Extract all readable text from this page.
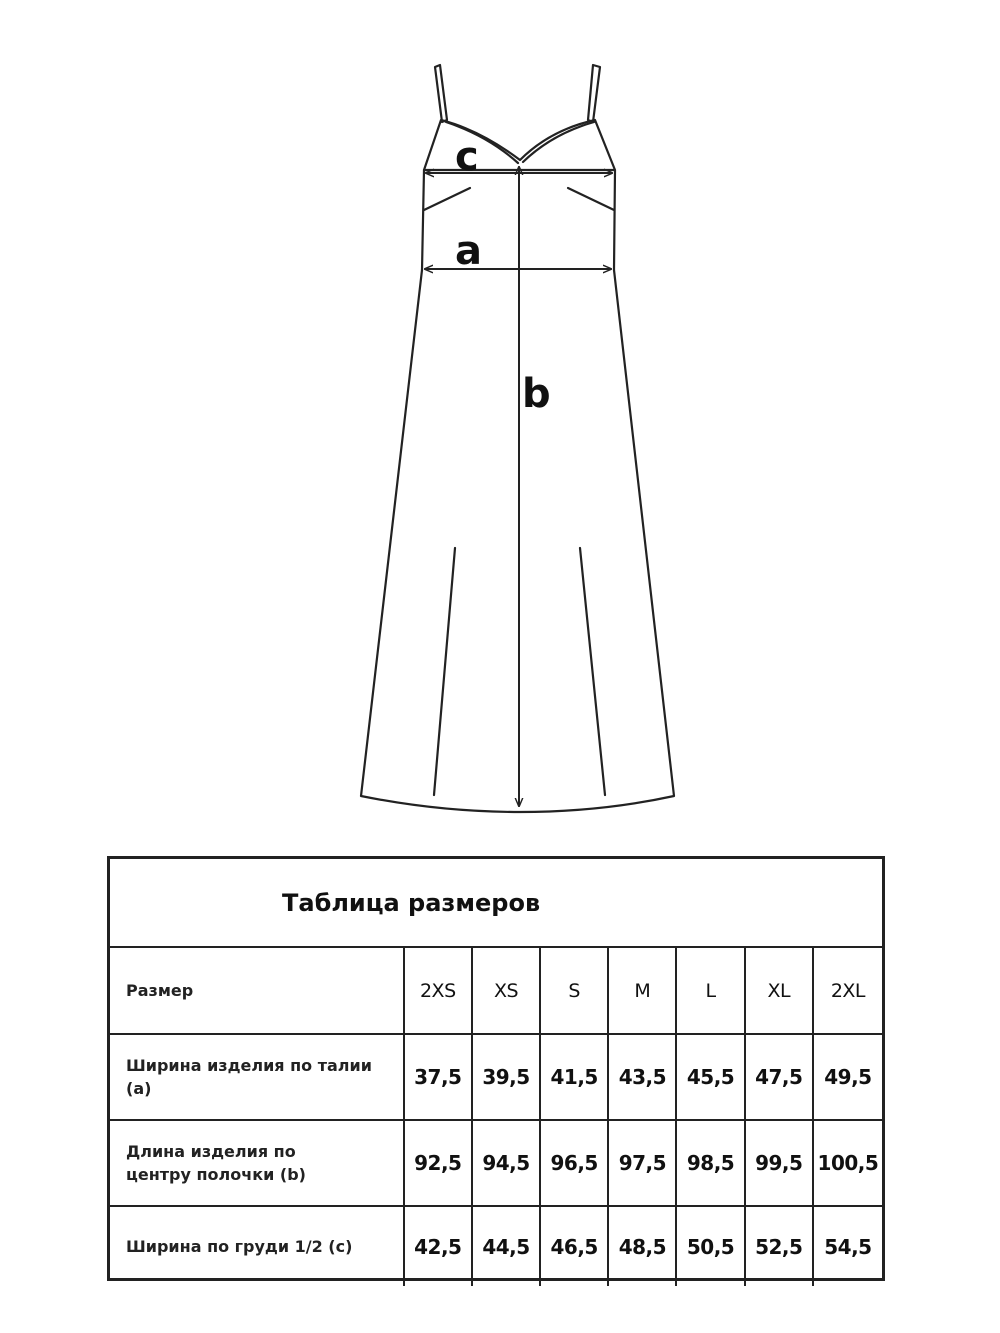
c
a
b
Таблица размеров
Размер	2XS	XS	S	M	L	XL	2XL
Ширина изделия по талии
(a)	37,5	39,5	41,5	43,5	45,5	47,5	49,5
Длина изделия по
центру полочки (b)	92,5	94,5	96,5	97,5	98,5	99,5 100,5
Ширина по груди 1/2 (c)	42,5	44,5	46,5	48,5	50,5	52,5	54,5
